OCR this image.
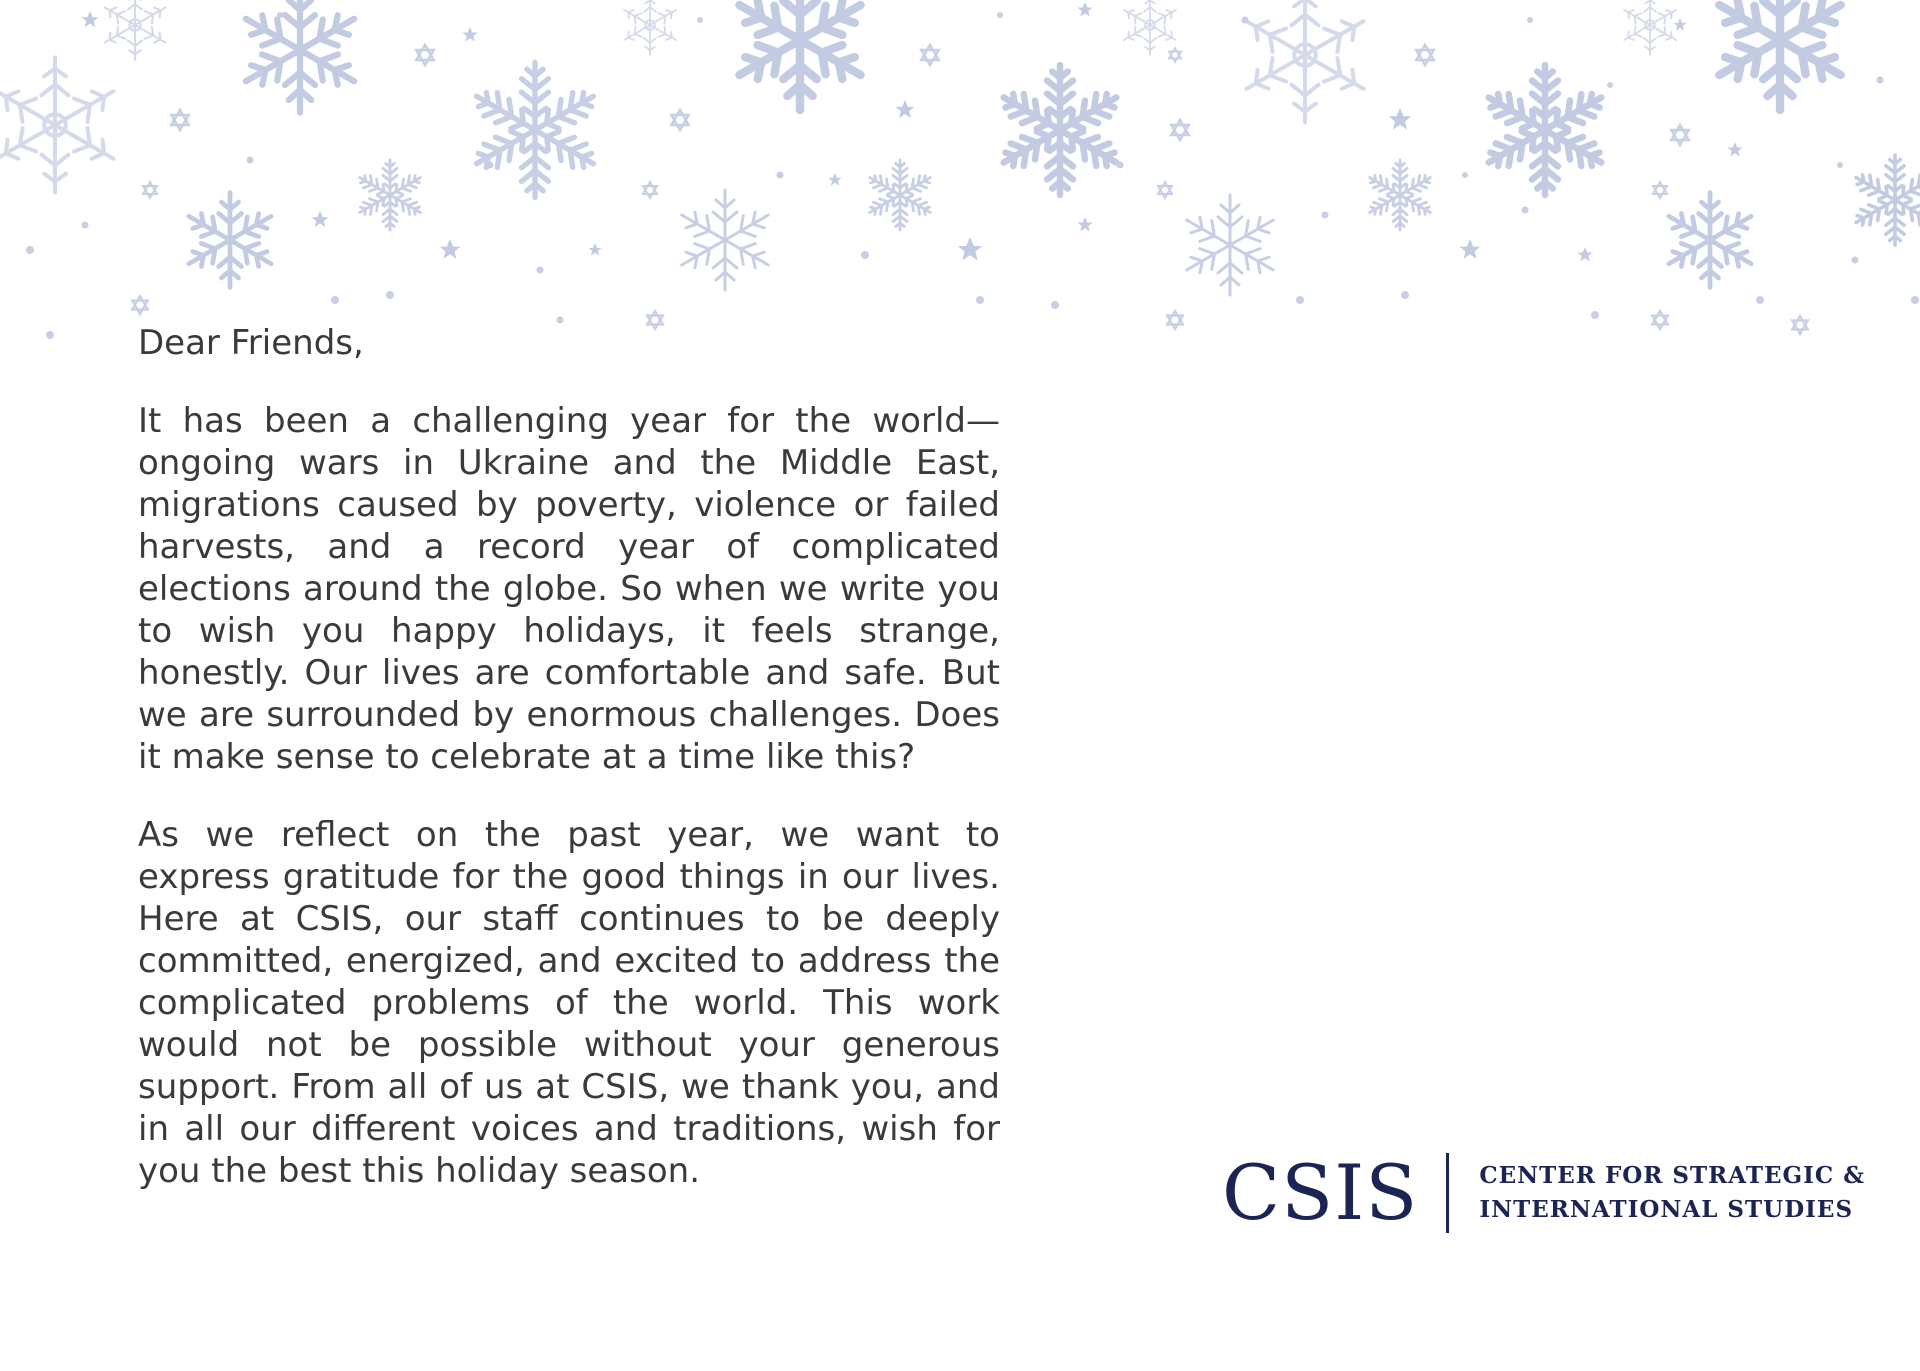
Dear Friends,
It has been a challenging year for the world—ongoing wars in Ukraine and the Middle East, migrations caused by poverty, violence or failed harvests, and a record year of complicated elections around the globe. So when we write you to wish you happy holidays, it feels strange, honestly. Our lives are comfortable and safe. But we are surrounded by enormous challenges. Does it make sense to celebrate at a time like this?
As we reflect on the past year, we want to express gratitude for the good things in our lives. Here at CSIS, our staff continues to be deeply committed, energized, and excited to address the complicated problems of the world. This work would not be possible without your generous support. From all of us at CSIS, we thank you, and in all our different voices and traditions, wish for you the best this holiday season.	CSIS	CENTER FOR STRATEGIC &
INTERNATIONAL STUDIES
